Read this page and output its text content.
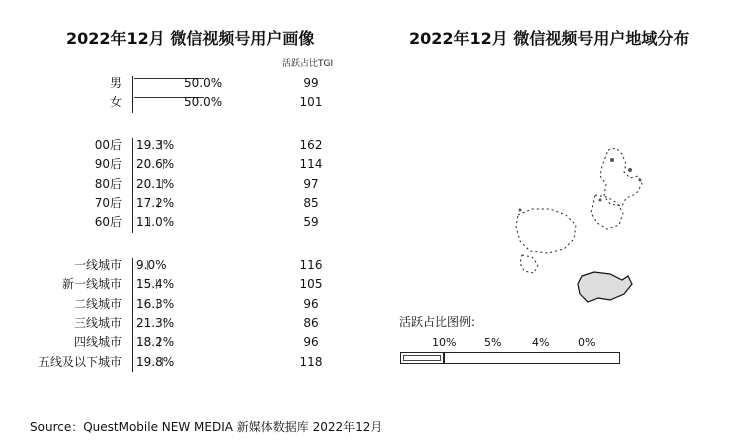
2022年12月 微信视频号用户画像	2022年12月 微信视频号用户地域分布
活跃占比TGI
男	50.0%	99
女	50.0%	101
00后 19.3%	162
90后 20.6%	114
80后 20.1%	97
70后 17.2%	85
60后 11.0%	59
一线城市 9.0%	116
新一线城市 15.4%	105
二线城市 16.3%	96
三线城市 21.3%	86
四线城市 18.2%	96
五线及以下城市 19.8%	118
活跃占比图例:
10%	5%	4%	0%
Source：QuestMobile NEW MEDIA 新媒体数据库 2022年12月
